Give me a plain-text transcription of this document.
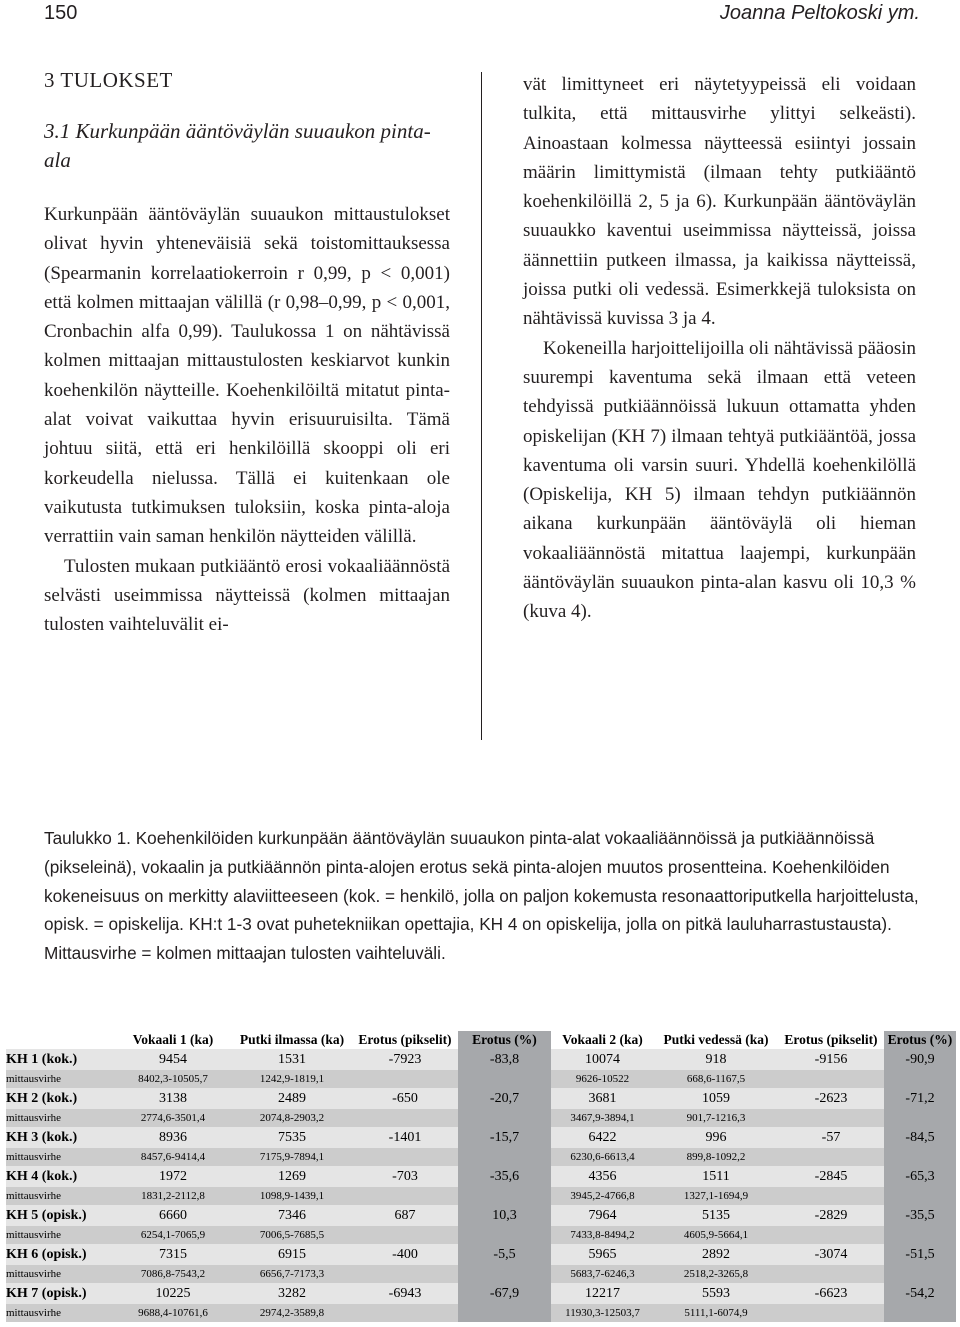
150	Joanna Peltokoski ym.
3 TULOKSET
3.1 Kurkunpään ääntöväylän suuaukon pinta-ala

Kurkunpään ääntöväylän suuaukon mittaustulokset olivat hyvin yhteneväisiä sekä toistomittauksessa (Spearmanin korrelaatiokerroin r 0,99, p < 0,001) että kolmen mittaajan välillä (r 0,98–0,99, p < 0,001, Cronbachin alfa 0,99). Taulukossa 1 on nähtävissä kolmen mittaajan mittaustulosten keskiarvot kunkin koehenkilön näytteille. Koehenkilöiltä mitatut pinta-alat voivat vaikuttaa hyvin erisuuruisilta. Tämä johtuu siitä, että eri henkilöillä skooppi oli eri korkeudella nielussa. Tällä ei kuitenkaan ole vaikutusta tutkimuksen tuloksiin, koska pinta-aloja verrattiin vain saman henkilön näytteiden välillä.

Tulosten mukaan putkiääntö erosi vokaaliäännöstä selvästi useimmissa näytteissä (kolmen mittaajan tulosten vaihteluvälit ei-

vät limittyneet eri näytetyypeissä eli voidaan tulkita, että mittausvirhe ylittyi selkeästi). Ainoastaan kolmessa näytteessä esiintyi jossain määrin limittymistä (ilmaan tehty putkiääntö koehenkilöillä 2, 5 ja 6). Kurkunpään ääntöväylän suuaukko kaventui useimmissa näytteissä, joissa äännettiin putkeen ilmassa, ja kaikissa näytteissä, joissa putki oli vedessä. Esimerkkejä tuloksista on nähtävissä kuvissa 3 ja 4.

Kokeneilla harjoittelijoilla oli nähtävissä pääosin suurempi kaventuma sekä ilmaan että veteen tehdyissä putkiäännöissä lukuun ottamatta yhden opiskelijan (KH 7) ilmaan tehtyä putkiääntöä, jossa kaventuma oli varsin suuri. Yhdellä koehenkilöllä (Opiskelija, KH 5) ilmaan tehdyn putkiäännön aikana kurkunpään ääntöväylä oli hieman vokaaliäännöstä mitattua laajempi, kurkunpään ääntöväylän suuaukon pinta-alan kasvu oli 10,3 % (kuva 4).

Taulukko 1. Koehenkilöiden kurkunpään ääntöväylän suuaukon pinta-alat vokaaliäännöissä ja putkiäännöissä (pikseleinä), vokaalin ja putkiäännön pinta-alojen erotus sekä pinta-alojen muutos prosentteina. Koehenkilöiden kokeneisuus on merkitty alaviitteeseen (kok. = henkilö, jolla on paljon kokemusta resonaattoriputkella harjoittelusta, opisk. = opiskelija. KH:t 1-3 ovat puhetekniikan opettajia, KH 4 on opiskelija, jolla on pitkä lauluharrastustausta). Mittausvirhe = kolmen mittaajan tulosten vaihteluväli.

	Vokaali 1 (ka)	Putki ilmassa (ka)	Erotus (pikselit)	Erotus (%)	Vokaali 2 (ka)	Putki vedessä (ka)	Erotus (pikselit)	Erotus (%)
KH 1 (kok.)	9454	1531	-7923	-83,8	10074	918	-9156	-90,9
mittausvirhe	8402,3-10505,7	1242,9-1819,1			9626-10522	668,6-1167,5		
KH 2 (kok.)	3138	2489	-650	-20,7	3681	1059	-2623	-71,2
mittausvirhe	2774,6-3501,4	2074,8-2903,2			3467,9-3894,1	901,7-1216,3		
KH 3 (kok.)	8936	7535	-1401	-15,7	6422	996	-57	-84,5
mittausvirhe	8457,6-9414,4	7175,9-7894,1			6230,6-6613,4	899,8-1092,2		
KH 4 (kok.)	1972	1269	-703	-35,6	4356	1511	-2845	-65,3
mittausvirhe	1831,2-2112,8	1098,9-1439,1			3945,2-4766,8	1327,1-1694,9		
KH 5 (opisk.)	6660	7346	687	10,3	7964	5135	-2829	-35,5
mittausvirhe	6254,1-7065,9	7006,5-7685,5			7433,8-8494,2	4605,9-5664,1		
KH 6 (opisk.)	7315	6915	-400	-5,5	5965	2892	-3074	-51,5
mittausvirhe	7086,8-7543,2	6656,7-7173,3			5683,7-6246,3	2518,2-3265,8		
KH 7 (opisk.)	10225	3282	-6943	-67,9	12217	5593	-6623	-54,2
mittausvirhe	9688,4-10761,6	2974,2-3589,8			11930,3-12503,7	5111,1-6074,9		
